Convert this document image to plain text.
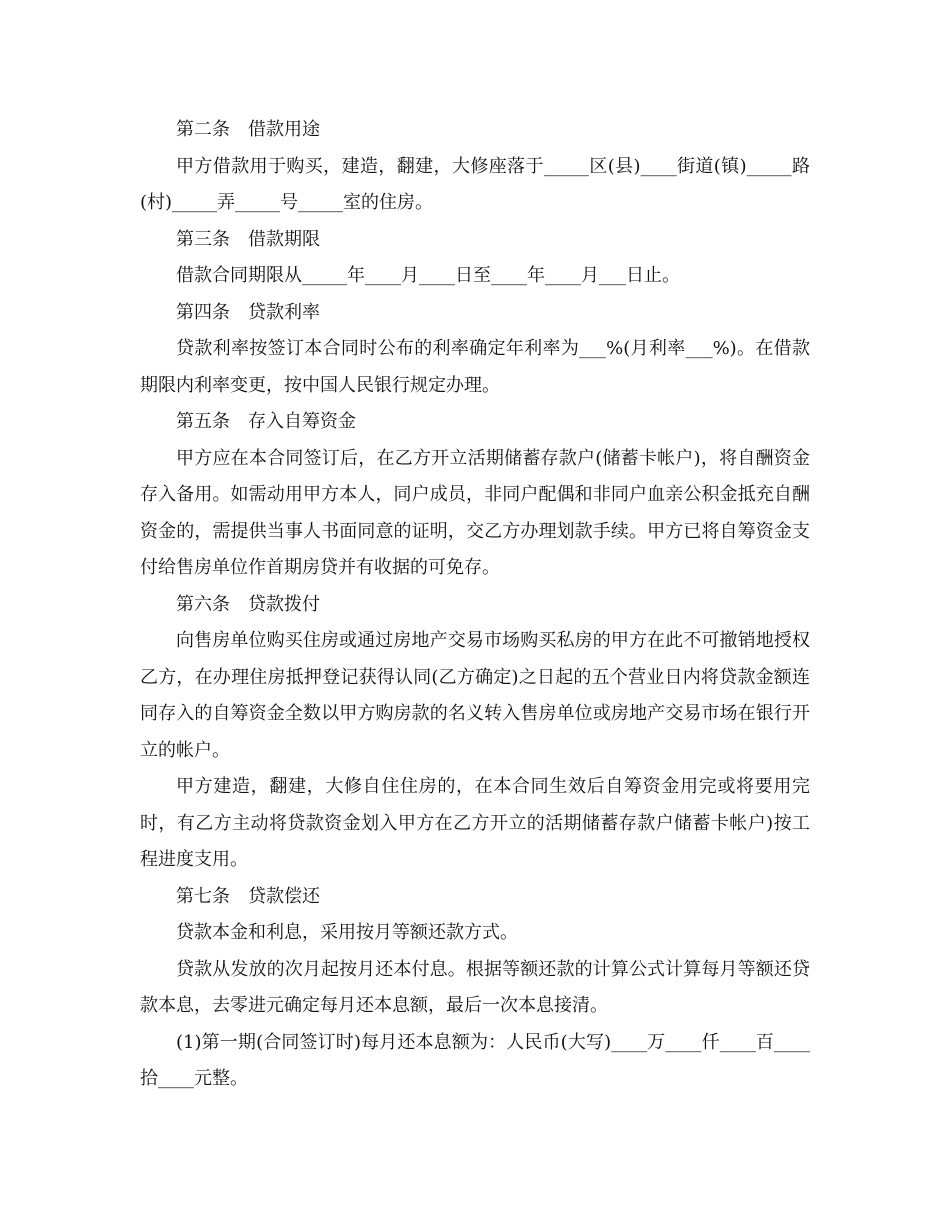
第二条　借款用途

甲方借款用于购买，建造，翻建，大修座落于_____区(县)____街道(镇)_____路(村)_____弄_____号_____室的住房。

第三条　借款期限

借款合同期限从_____年____月____日至____年____月___日止。

第四条　贷款利率

贷款利率按签订本合同时公布的利率确定年利率为___%(月利率___%)。在借款期限内利率变更，按中国人民银行规定办理。

第五条　存入自筹资金

甲方应在本合同签订后，在乙方开立活期储蓄存款户(储蓄卡帐户)，将自酬资金存入备用。如需动用甲方本人，同户成员，非同户配偶和非同户血亲公积金抵充自酬资金的，需提供当事人书面同意的证明，交乙方办理划款手续。甲方已将自筹资金支付给售房单位作首期房贷并有收据的可免存。

第六条　贷款拨付

向售房单位购买住房或通过房地产交易市场购买私房的甲方在此不可撤销地授权乙方，在办理住房抵押登记获得认同(乙方确定)之日起的五个营业日内将贷款金额连同存入的自筹资金全数以甲方购房款的名义转入售房单位或房地产交易市场在银行开立的帐户。

甲方建造，翻建，大修自住住房的，在本合同生效后自筹资金用完或将要用完时，有乙方主动将贷款资金划入甲方在乙方开立的活期储蓄存款户储蓄卡帐户)按工程进度支用。

第七条　贷款偿还

贷款本金和利息，采用按月等额还款方式。

贷款从发放的次月起按月还本付息。根据等额还款的计算公式计算每月等额还贷款本息，去零进元确定每月还本息额，最后一次本息接清。

(1)第一期(合同签订时)每月还本息额为：人民币(大写)____万____仟____百____拾____元整。
